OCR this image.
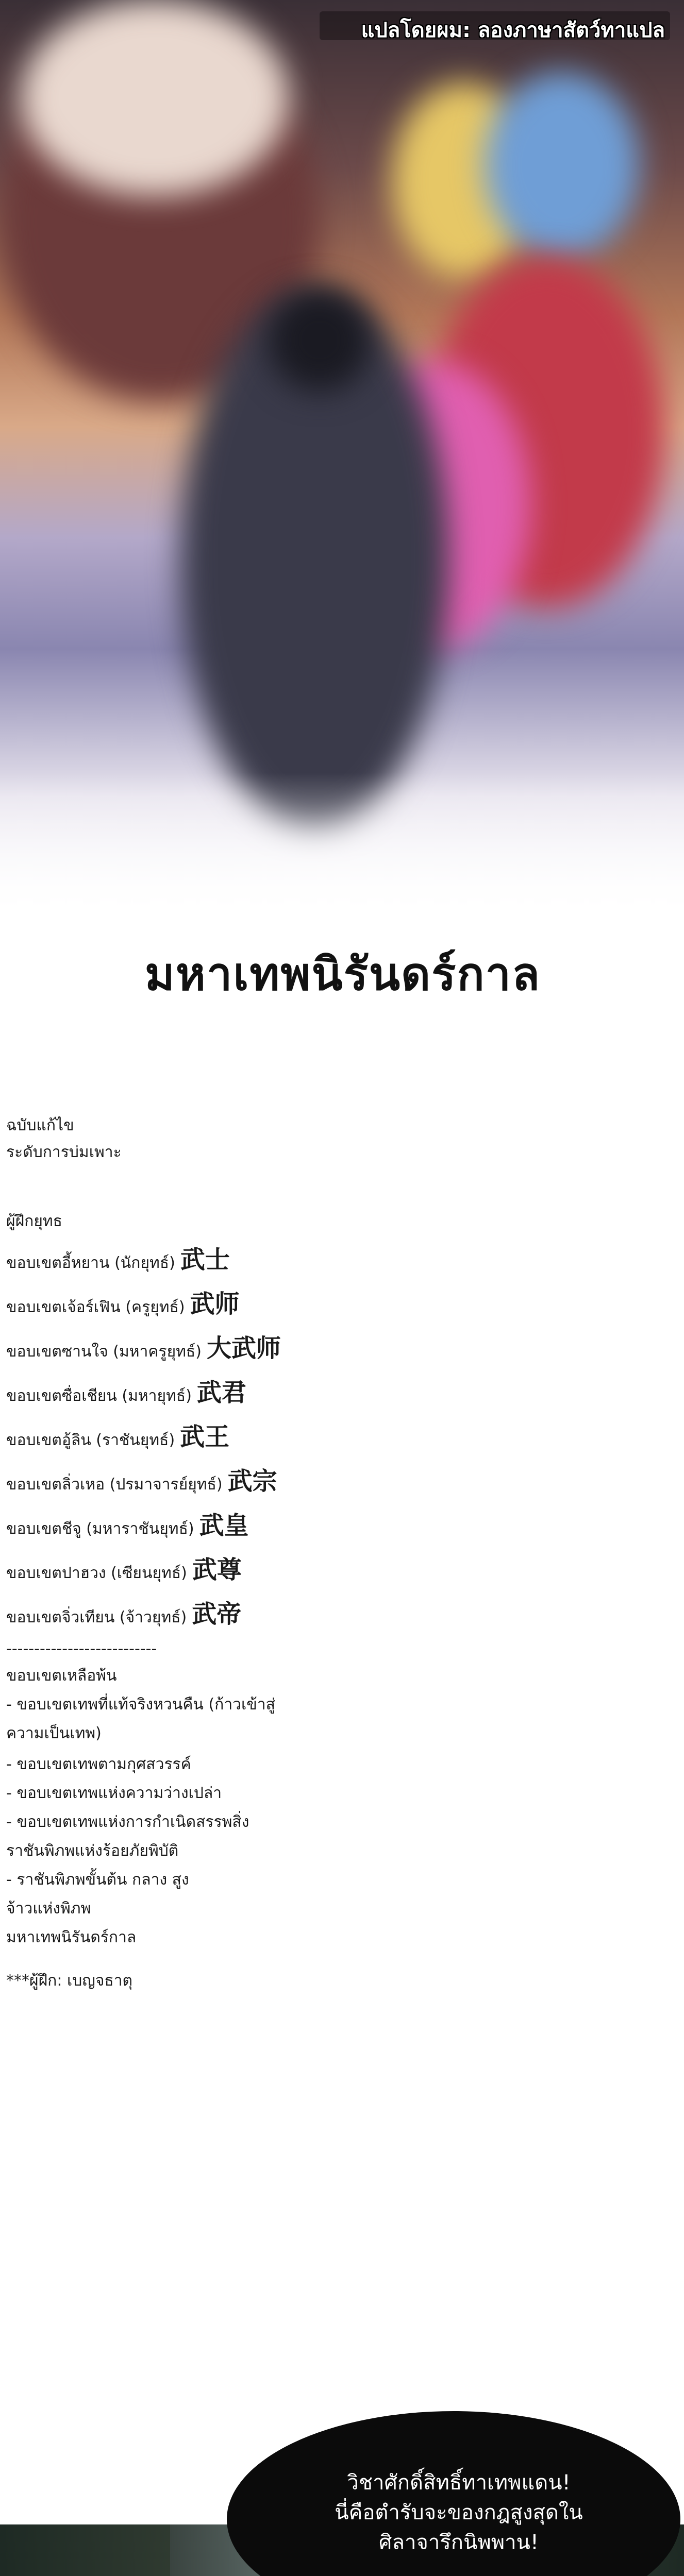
แปลโดยผม: ลองภาษาสัตว์ทาแปล
มหาเทพนิรันดร์กาล
ฉบับแก้ไข
ระดับการบ่มเพาะ
ผู้ฝึกยุทธ
ขอบเขตอี้หยาน (นักยุทธ์) 武士
ขอบเขตเจ้อร์เฟิน (ครูยุทธ์) 武师
ขอบเขตซานใจ (มหาครูยุทธ์) 大武师
ขอบเขตซื่อเชียน (มหายุทธ์) 武君
ขอบเขตอู้ลิน (ราชันยุทธ์) 武王
ขอบเขตลิ่วเหอ (ปรมาจารย์ยุทธ์) 武宗
ขอบเขตชีจู (มหาราชันยุทธ์) 武皇
ขอบเขตปาฮวง (เซียนยุทธ์) 武尊
ขอบเขตจิ่วเทียน (จ้าวยุทธ์) 武帝
---------------------------
ขอบเขตเหลือพ้น
- ขอบเขตเทพที่แท้จริงหวนคืน (ก้าวเข้าสู่
ความเป็นเทพ)
- ขอบเขตเทพตามกุศสวรรค์
- ขอบเขตเทพแห่งความว่างเปล่า
- ขอบเขตเทพแห่งการกำเนิดสรรพสิ่ง
ราชันพิภพแห่งร้อยภัยพิบัติ
- ราชันพิภพขั้นต้น กลาง สูง
จ้าวแห่งพิภพ
มหาเทพนิรันดร์กาล
***ผู้ฝึก: เบญจธาตุ
วิชาศักดิ์สิทธิ์ทาเทพแดน!
นี่คือตำรับจะของกฎสูงสุดใน
ศิลาจารึกนิพพาน!
